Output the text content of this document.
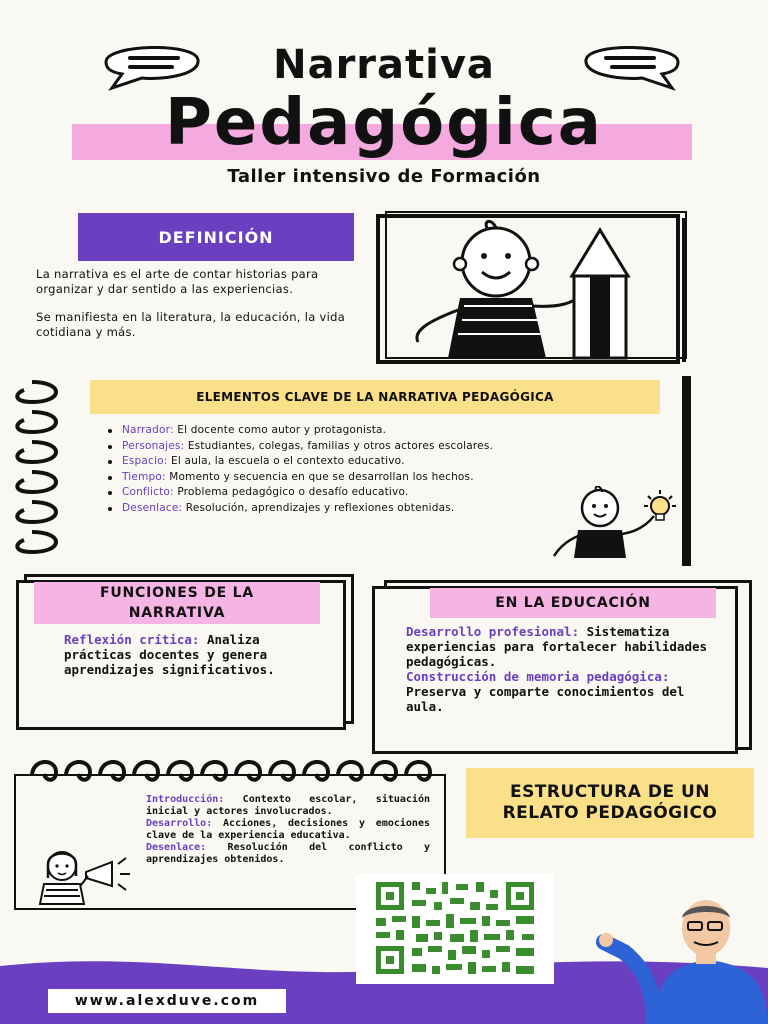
Narrativa
Pedagógica
Taller intensivo de Formación
DEFINICIÓN

La narrativa es el arte de contar historias para organizar y dar sentido a las experiencias.

Se manifiesta en la literatura, la educación, la vida cotidiana y más.

ELEMENTOS CLAVE DE LA NARRATIVA PEDAGÓGICA
Narrador: El docente como autor y protagonista.
Personajes: Estudiantes, colegas, familias y otros actores escolares.
Espacio: El aula, la escuela o el contexto educativo.
Tiempo: Momento y secuencia en que se desarrollan los hechos.
Conflicto: Problema pedagógico o desafío educativo.
Desenlace: Resolución, aprendizajes y reflexiones obtenidas.
FUNCIONES DE LA NARRATIVA
Reflexión crítica: Analiza prácticas docentes y genera aprendizajes significativos.
EN LA EDUCACIÓN
Desarrollo profesional: Sistematiza experiencias para fortalecer habilidades pedagógicas.
Construcción de memoria pedagógica: Preserva y comparte conocimientos del aula.
Introducción: Contexto escolar, situación inicial y actores involucrados.
Desarrollo: Acciones, decisiones y emociones clave de la experiencia educativa.
Desenlace: Resolución del conflicto y aprendizajes obtenidos.
ESTRUCTURA DE UN RELATO PEDAGÓGICO
www.alexduve.com
